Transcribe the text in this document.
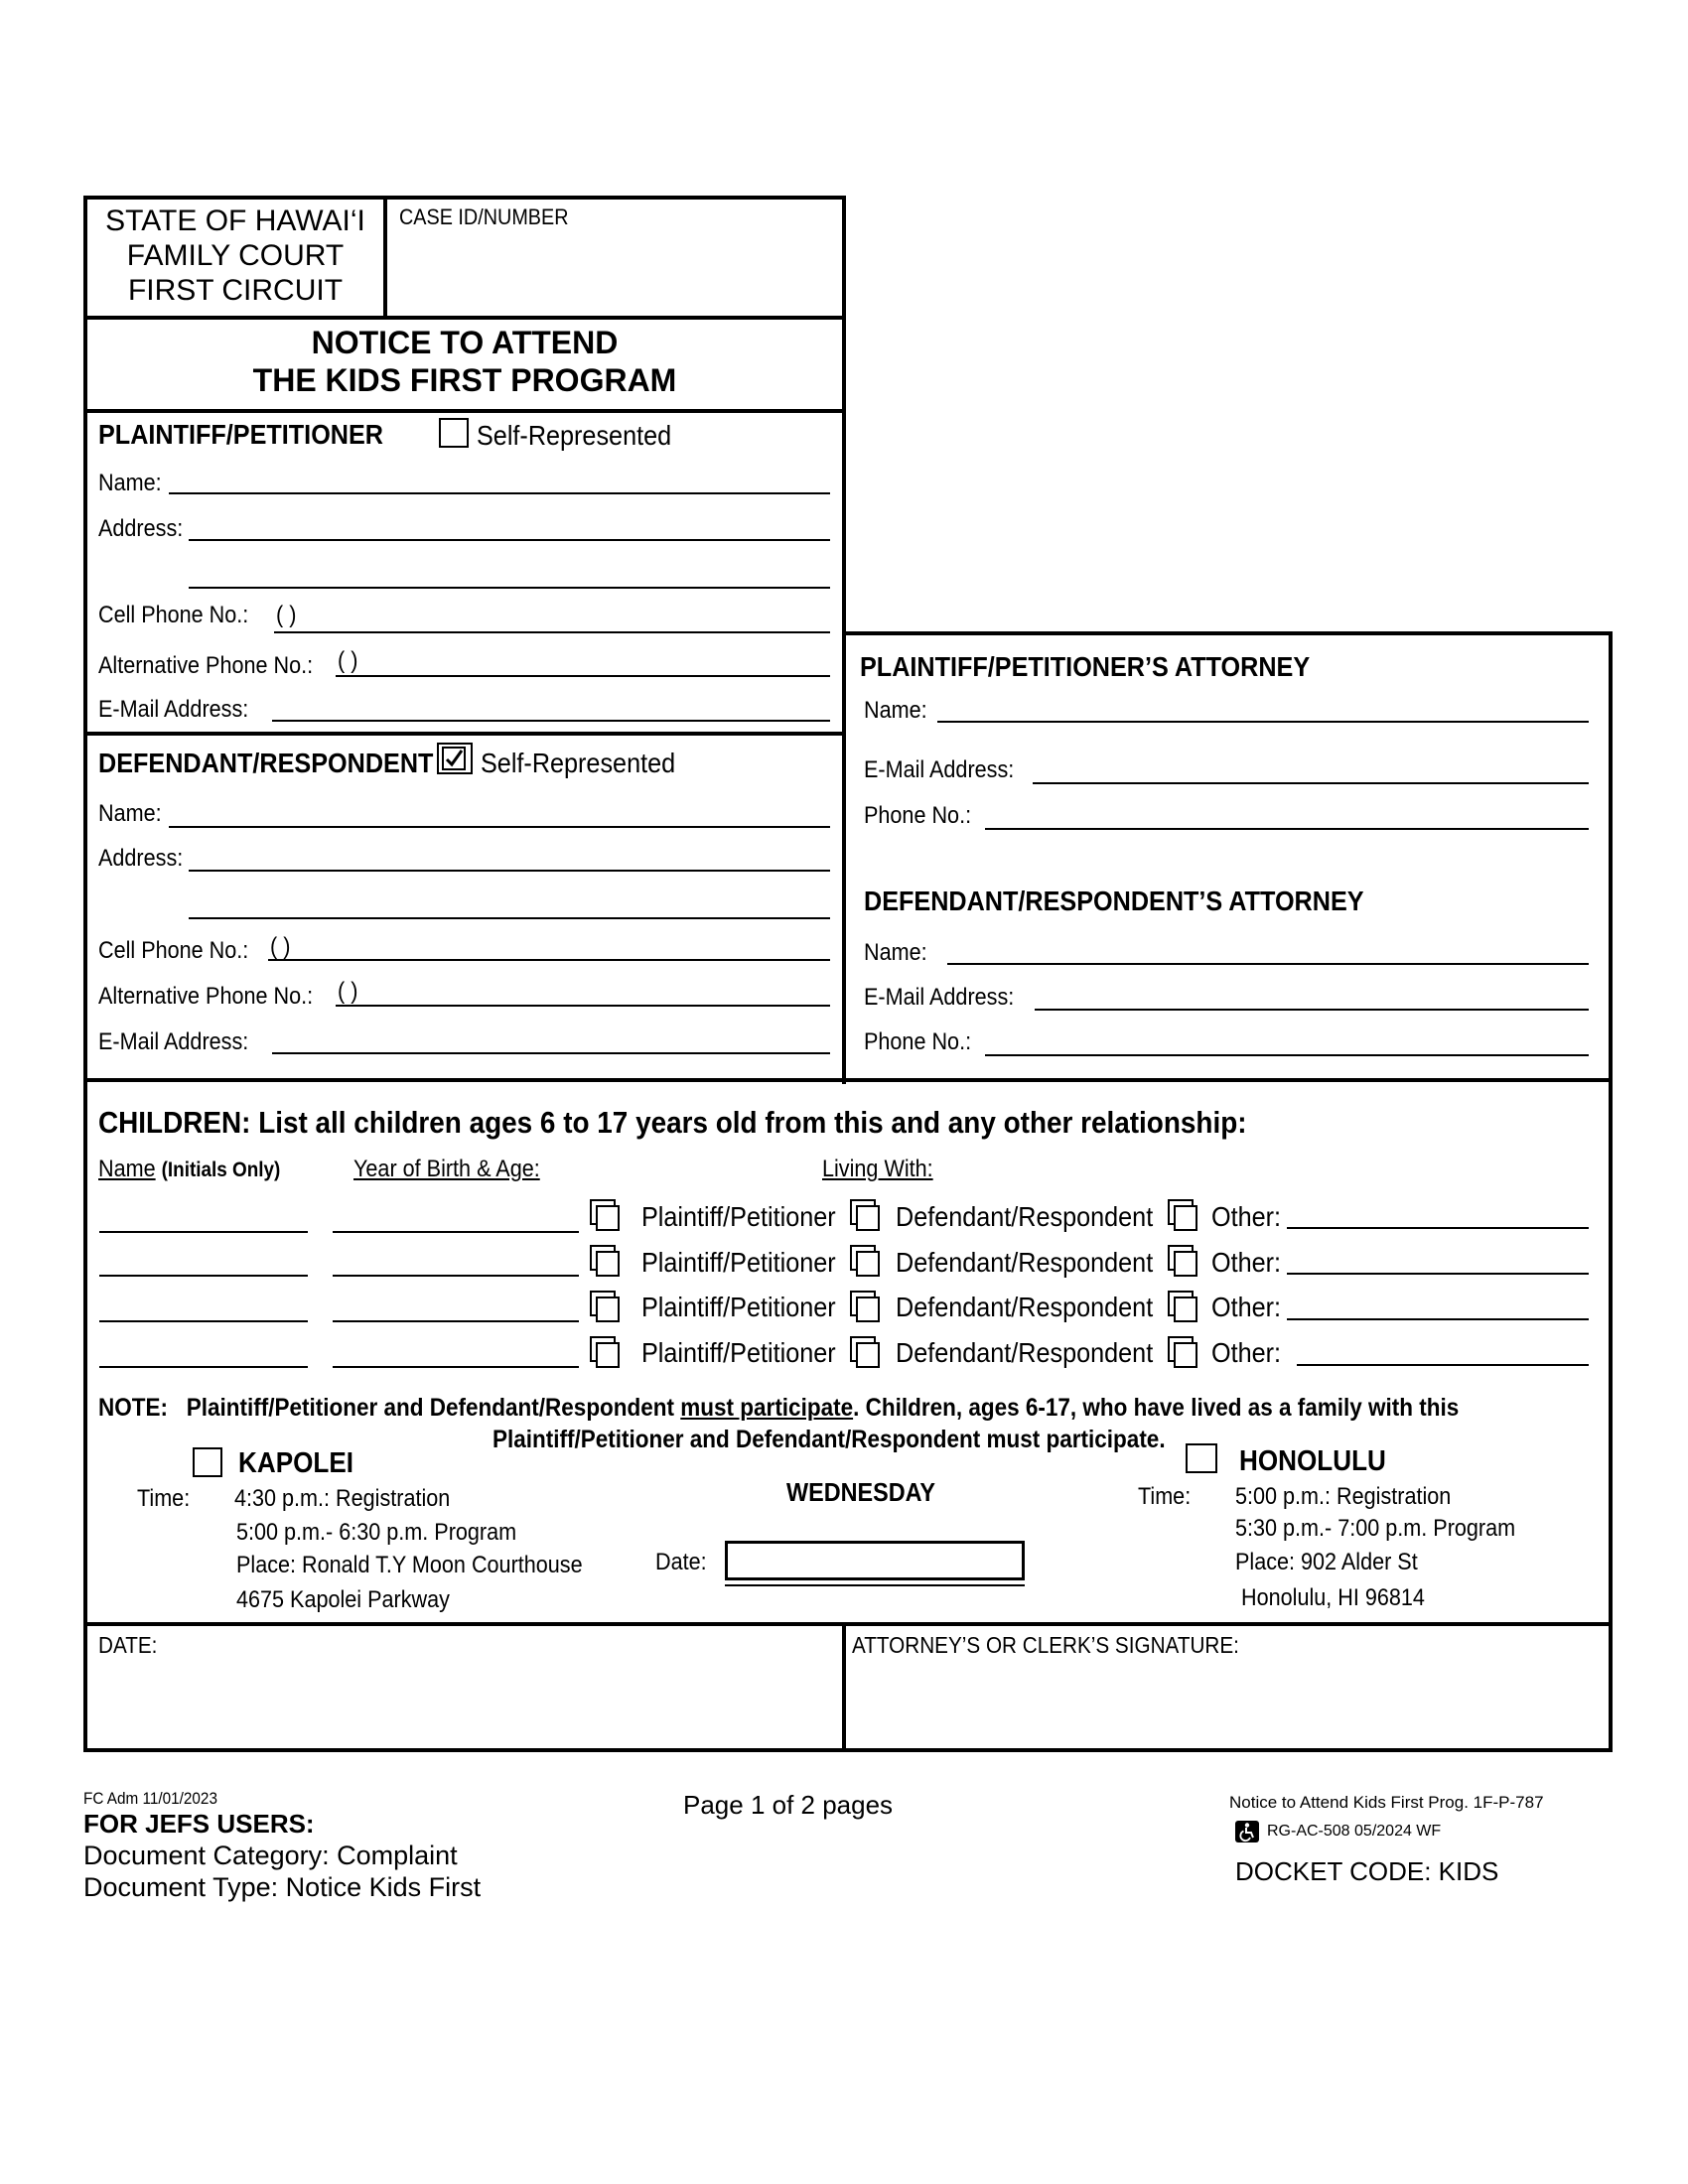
STATE OF HAWAI‘I
FAMILY COURT
FIRST CIRCUIT
CASE ID/NUMBER
NOTICE TO ATTEND
THE KIDS FIRST PROGRAM
PLAINTIFF/PETITIONER	Self-Represented
Name:
Address:
Cell Phone No.: ( )
Alternative Phone No.: ( )
E-Mail Address:
DEFENDANT/RESPONDENT Self-Represented
Name:
Address:
Cell Phone No.: ( )
Alternative Phone No.: ( )
E-Mail Address:
PLAINTIFF/PETITIONER’S ATTORNEY
Name:
E-Mail Address:
Phone No.:
DEFENDANT/RESPONDENT’S ATTORNEY
Name:
E-Mail Address:
Phone No.:
CHILDREN: List all children ages 6 to 17 years old from this and any other relationship:
Name (Initials Only)	Year of Birth & Age:	Living With:
Plaintiff/Petitioner Defendant/Respondent Other:
Plaintiff/Petitioner Defendant/Respondent Other:
Plaintiff/Petitioner Defendant/Respondent Other:
Plaintiff/Petitioner Defendant/Respondent Other:
NOTE: Plaintiff/Petitioner and Defendant/Respondent must participate. Children, ages 6-17, who have lived as a family with this
Plaintiff/Petitioner and Defendant/Respondent must participate.
KAPOLEI
Time: 4:30 p.m.: Registration
5:00 p.m.- 6:30 p.m. Program
Place: Ronald T.Y Moon Courthouse
4675 Kapolei Parkway
WEDNESDAY
Date:
HONOLULU
Time: 5:00 p.m.: Registration
5:30 p.m.- 7:00 p.m. Program
Place: 902 Alder St
Honolulu, HI 96814
DATE:	ATTORNEY’S OR CLERK’S SIGNATURE:
FC Adm 11/01/2023
FOR JEFS USERS:
Document Category: Complaint
Document Type: Notice Kids First
Page 1 of 2 pages	Notice to Attend Kids First Prog. 1F-P-787
RG-AC-508 05/2024 WF
DOCKET CODE: KIDS
